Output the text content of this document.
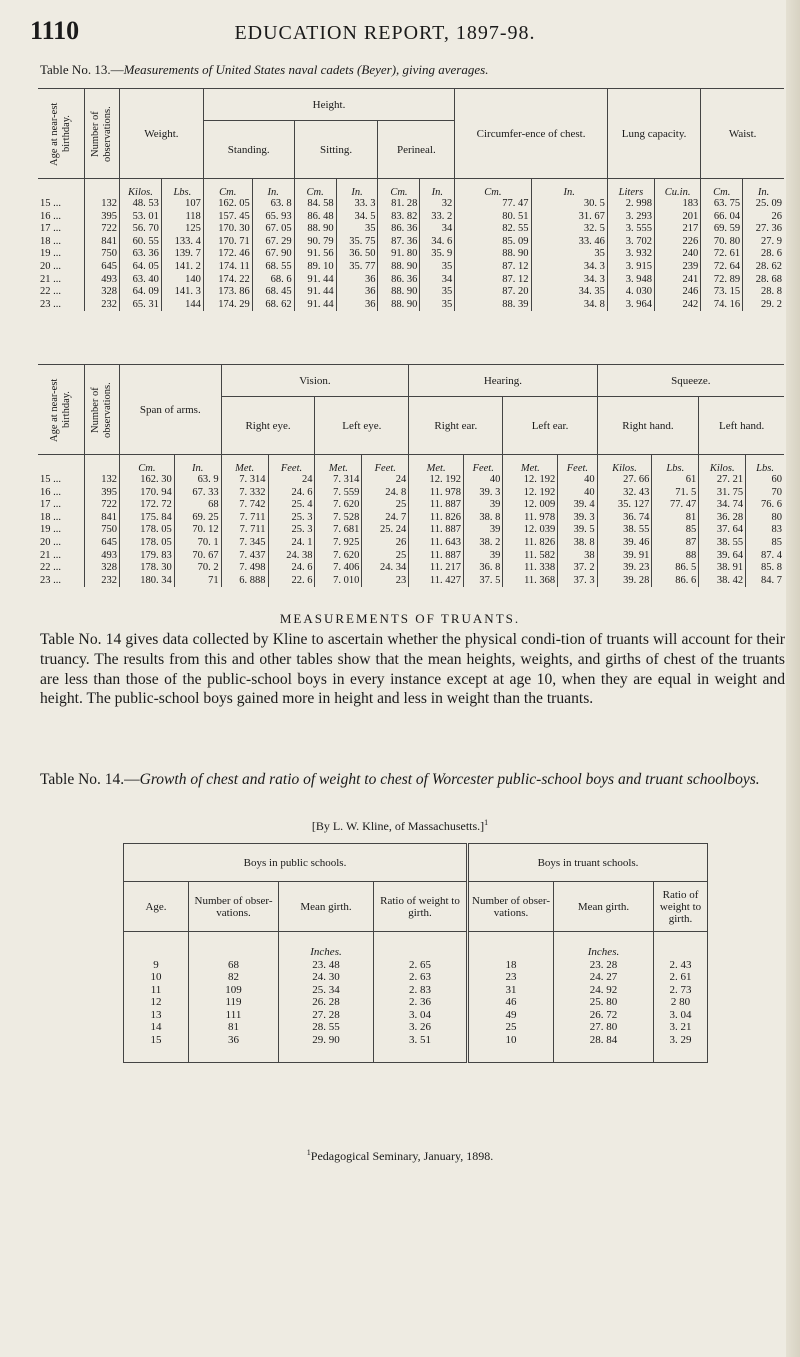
1110	EDUCATION REPORT, 1897-98.
Table No. 13.—Measurements of United States naval cadets (Beyer), giving averages.
Age at near-est birthday.	Number of observations.	Weight.		Height.						Circumfer-ence of chest.		Lung capacity.		Waist.	
				Standing.		Sitting.		Perineal.							
		Kilos.	Lbs.	Cm.	In.	Cm.	In.	Cm.	In.	Cm.	In.	Liters	Cu.in.	Cm.	In.
15 ...	132	48. 53	107	162. 05	63. 8	84. 58	33. 3	81. 28	32	77. 47	30. 5	2. 998	183	63. 75	25. 09
16 ...	395	53. 01	118	157. 45	65. 93	86. 48	34. 5	83. 82	33. 2	80. 51	31. 67	3. 293	201	66. 04	26
17 ...	722	56. 70	125	170. 30	67. 05	88. 90	35	86. 36	34	82. 55	32. 5	3. 555	217	69. 59	27. 36
18 ...	841	60. 55	133. 4	170. 71	67. 29	90. 79	35. 75	87. 36	34. 6	85. 09	33. 46	3. 702	226	70. 80	27. 9
19 ...	750	63. 36	139. 7	172. 46	67. 90	91. 56	36. 50	91. 80	35. 9	88. 90	35	3. 932	240	72. 61	28. 6
20 ...	645	64. 05	141. 2	174. 11	68. 55	89. 10	35. 77	88. 90	35	87. 12	34. 3	3. 915	239	72. 64	28. 62
21 ...	493	63. 40	140	174. 22	68. 6	91. 44	36	86. 36	34	87. 12	34. 3	3. 948	241	72. 89	28. 68
22 ...	328	64. 09	141. 3	173. 86	68. 45	91. 44	36	88. 90	35	87. 20	34. 35	4. 030	246	73. 15	28. 8
23 ...	232	65. 31	144	174. 29	68. 62	91. 44	36	88. 90	35	88. 39	34. 8	3. 964	242	74. 16	29. 2
Age at near-est birthday.	Number of observations.	Span of arms.		Vision.				Hearing.				Squeeze.			
				Right eye.		Left eye.		Right ear.		Left ear.		Right hand.		Left hand.	
		Cm.	In.	Met.	Feet.	Met.	Feet.	Met.	Feet.	Met.	Feet.	Kilos.	Lbs.	Kilos.	Lbs.
15 ...	132	162. 30	63. 9	7. 314	24	7. 314	24	12. 192	40	12. 192	40	27. 66	61	27. 21	60
16 ...	395	170. 94	67. 33	7. 332	24. 6	7. 559	24. 8	11. 978	39. 3	12. 192	40	32. 43	71. 5	31. 75	70
17 ...	722	172. 72	68	7. 742	25. 4	7. 620	25	11. 887	39	12. 009	39. 4	35. 127	77. 47	34. 74	76. 6
18 ...	841	175. 84	69. 25	7. 711	25. 3	7. 528	24. 7	11. 826	38. 8	11. 978	39. 3	36. 74	81	36. 28	80
19 ...	750	178. 05	70. 12	7. 711	25. 3	7. 681	25. 24	11. 887	39	12. 039	39. 5	38. 55	85	37. 64	83
20 ...	645	178. 05	70. 1	7. 345	24. 1	7. 925	26	11. 643	38. 2	11. 826	38. 8	39. 46	87	38. 55	85
21 ...	493	179. 83	70. 67	7. 437	24. 38	7. 620	25	11. 887	39	11. 582	38	39. 91	88	39. 64	87. 4
22 ...	328	178. 30	70. 2	7. 498	24. 6	7. 406	24. 34	11. 217	36. 8	11. 338	37. 2	39. 23	86. 5	38. 91	85. 8
23 ...	232	180. 34	71	6. 888	22. 6	7. 010	23	11. 427	37. 5	11. 368	37. 3	39. 28	86. 6	38. 42	84. 7
MEASUREMENTS OF TRUANTS.

Table No. 14 gives data collected by Kline to ascertain whether the physical condi-tion of truants will account for their truancy. The results from this and other tables show that the mean heights, weights, and girths of chest of the truants are less than those of the public-school boys in every instance except at age 10, when they are equal in weight and height. The public-school boys gained more in height and less in weight than the truants.

Table No. 14.—Growth of chest and ratio of weight to chest of Worcester public-school boys and truant schoolboys.
[By L. W. Kline, of Massachusetts.]$^1$
Boys in public schools.				Boys in truant schools.		
Age.	Number of obser-vations.	Mean girth.	Ratio of weight to girth.	Number of obser-vations.	Mean girth.	Ratio of weight to girth.
		Inches.			Inches.	
9	68	23. 48	2. 65	18	23. 28	2. 43
10	82	24. 30	2. 63	23	24. 27	2. 61
11	109	25. 34	2. 83	31	24. 92	2. 73
12	119	26. 28	2. 36	46	25. 80	2 80
13	111	27. 28	3. 04	49	26. 72	3. 04
14	81	28. 55	3. 26	25	27. 80	3. 21
15	36	29. 90	3. 51	10	28. 84	3. 29
$^1$Pedagogical Seminary, January, 1898.
